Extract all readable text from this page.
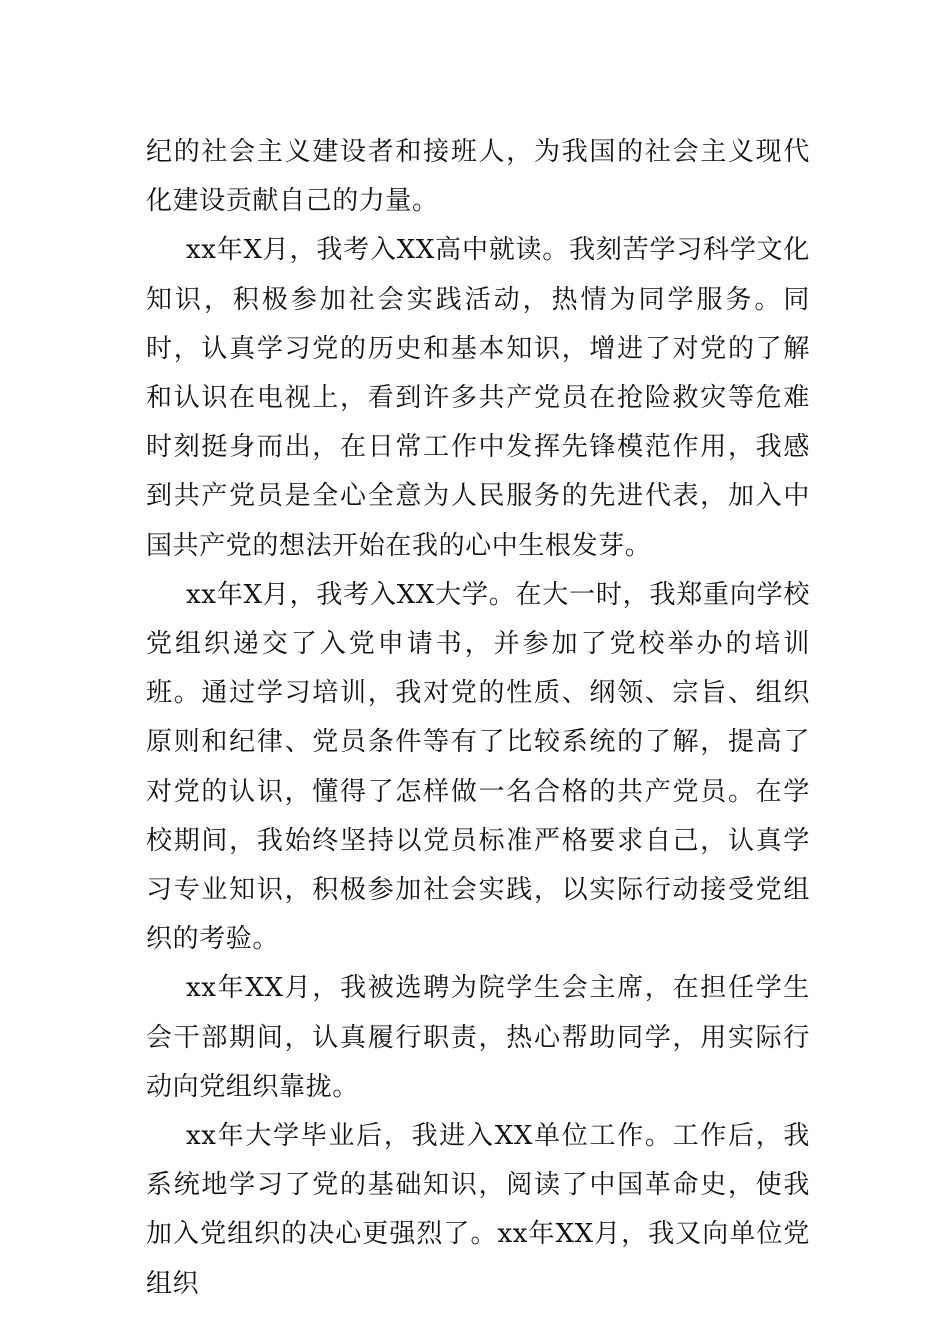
纪的社会主义建设者和接班人，为我国的社会主义现代化建设贡献自己的力量。

xx年X月，我考入XX高中就读。我刻苦学习科学文化知识，积极参加社会实践活动，热情为同学服务。同时，认真学习党的历史和基本知识，增进了对党的了解和认识在电视上，看到许多共产党员在抢险救灾等危难时刻挺身而出，在日常工作中发挥先锋模范作用，我感到共产党员是全心全意为人民服务的先进代表，加入中国共产党的想法开始在我的心中生根发芽。

xx年X月，我考入XX大学。在大一时，我郑重向学校党组织递交了入党申请书，并参加了党校举办的培训班。通过学习培训，我对党的性质、纲领、宗旨、组织原则和纪律、党员条件等有了比较系统的了解，提高了对党的认识，懂得了怎样做一名合格的共产党员。在学校期间，我始终坚持以党员标准严格要求自己，认真学习专业知识，积极参加社会实践，以实际行动接受党组织的考验。

xx年XX月，我被选聘为院学生会主席，在担任学生会干部期间，认真履行职责，热心帮助同学，用实际行动向党组织靠拢。

xx年大学毕业后，我进入XX单位工作。工作后，我系统地学习了党的基础知识，阅读了中国革命史，使我加入党组织的决心更强烈了。xx年XX月，我又向单位党组织
